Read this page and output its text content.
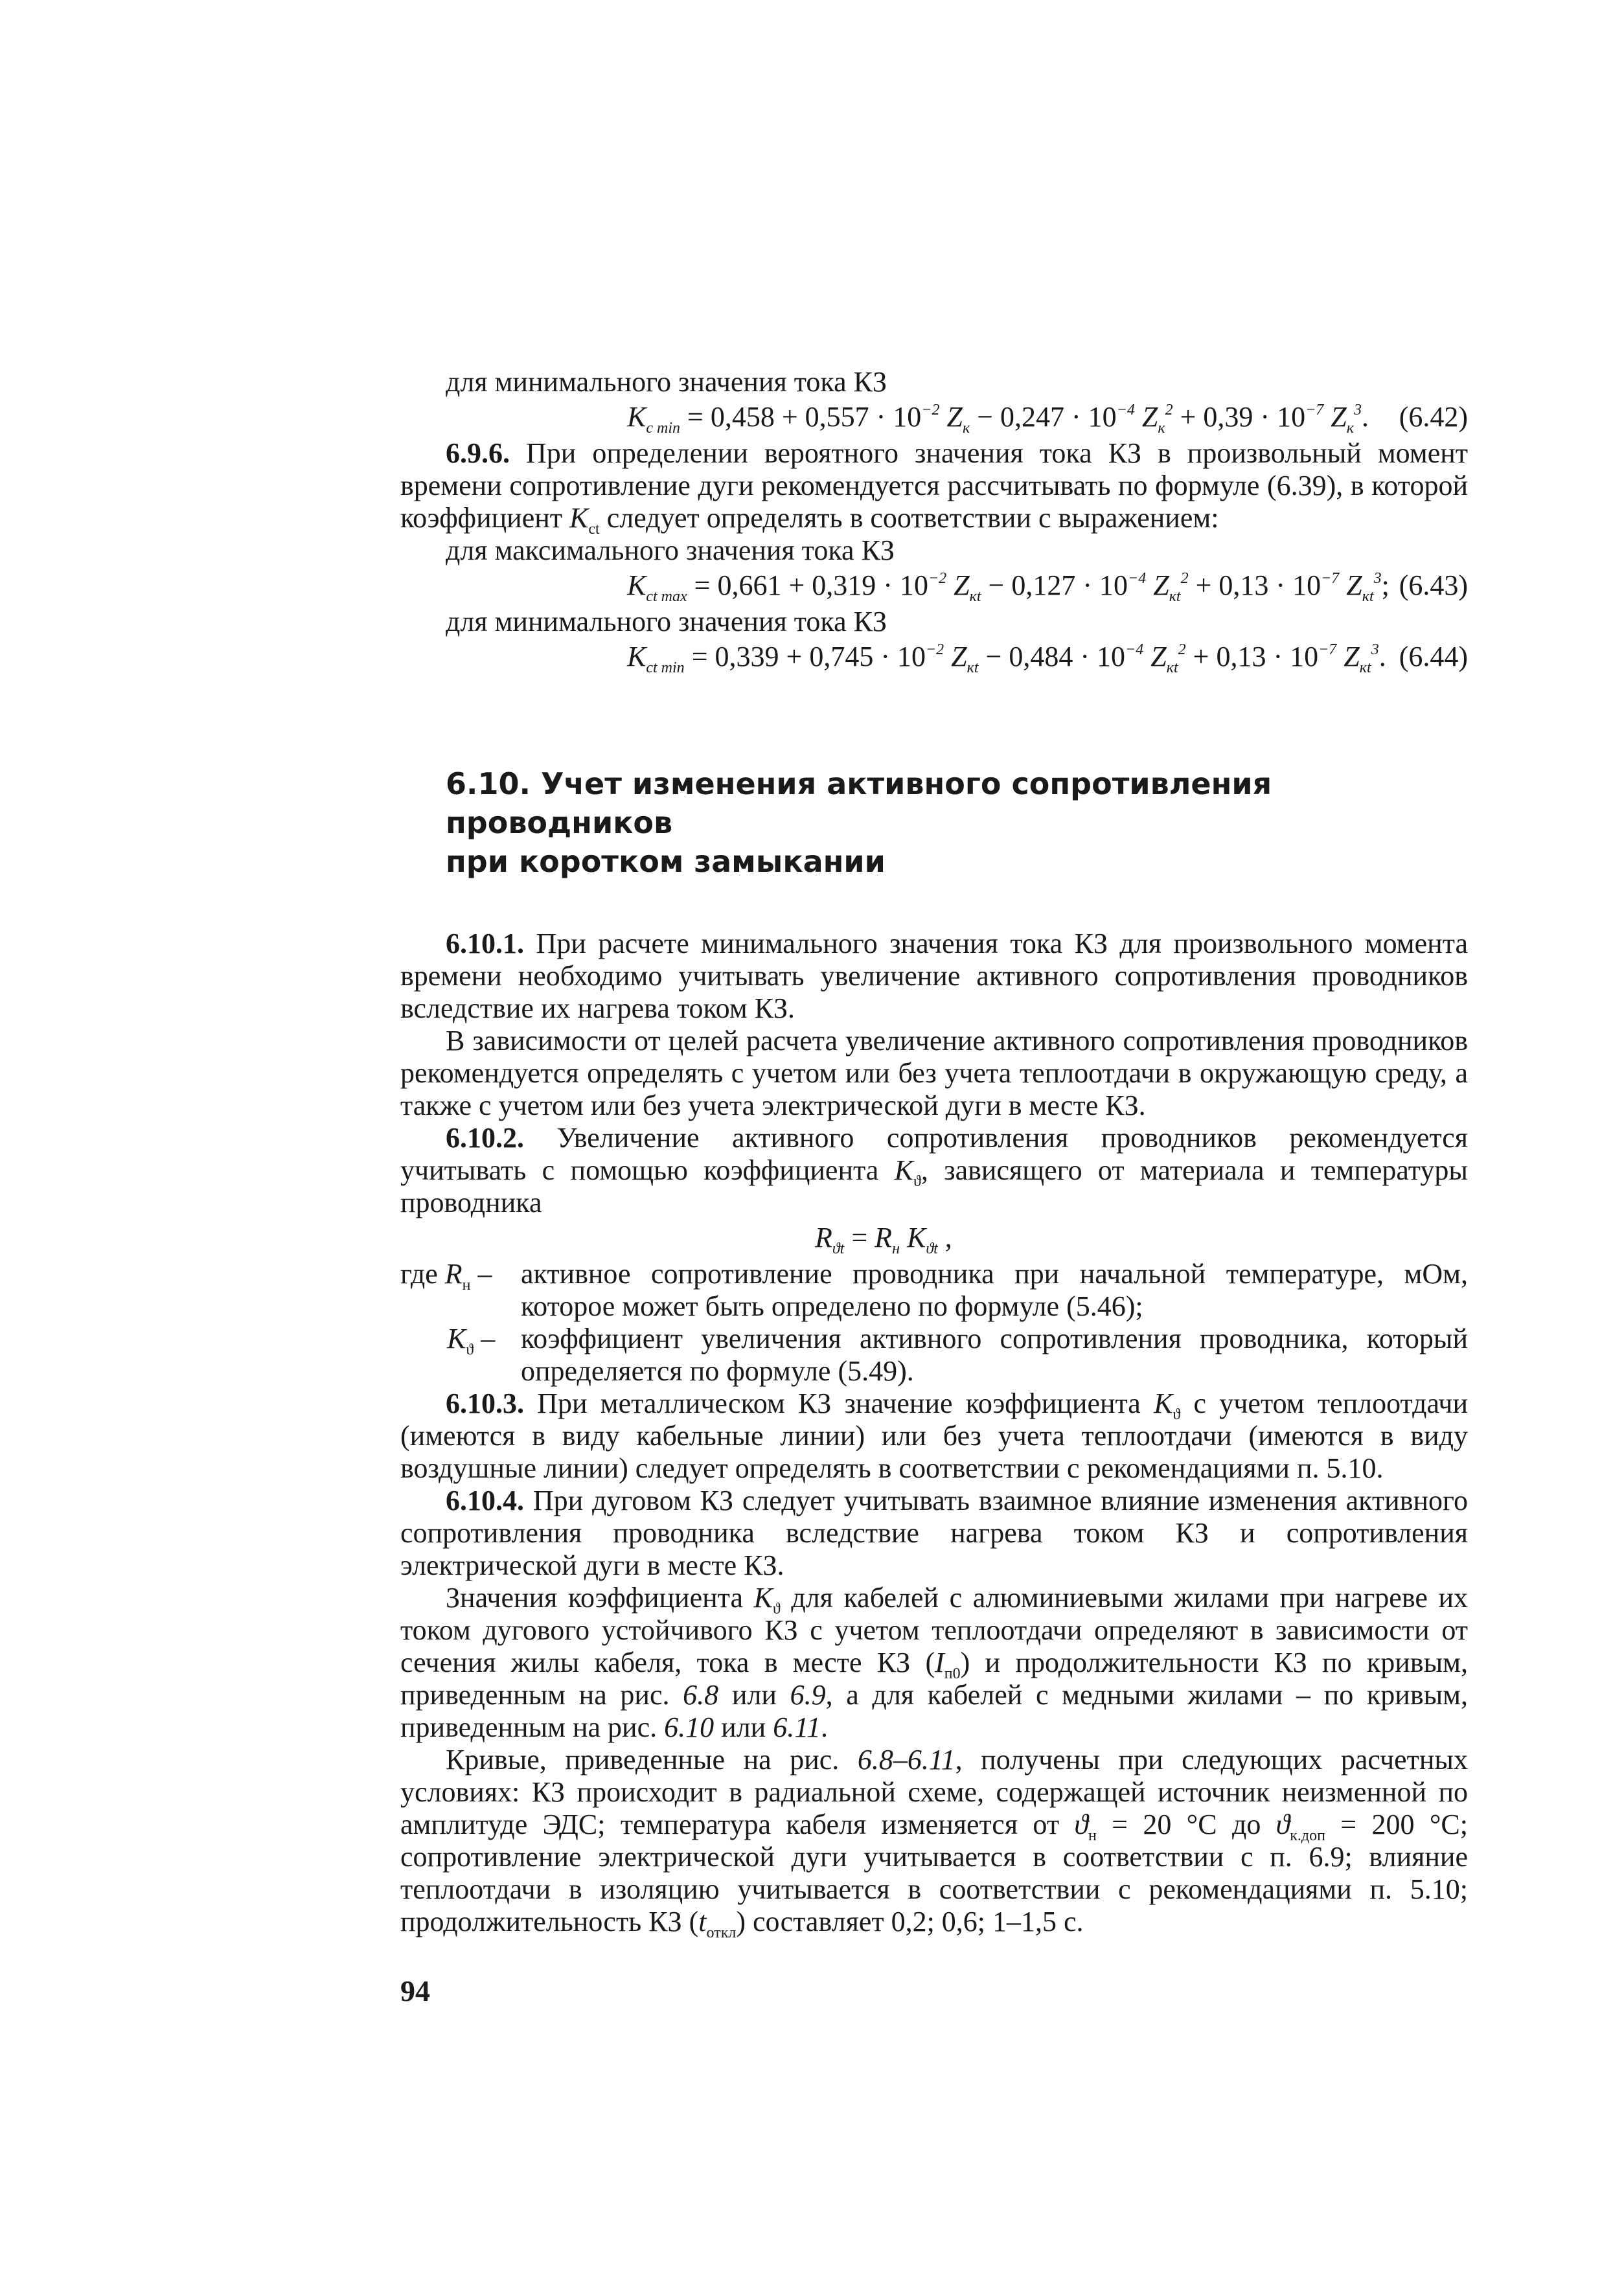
для минимального значения тока КЗ

$K_{c min} = 0,458 + 0,557 \cdot 10^{-2}$ $Z_к - 0,247 \cdot 10^{-4}$ $Z_к^2 + 0,39 \cdot 10^{-7}$ $Z_к^3$. (6.42)

6.9.6. При определении вероятного значения тока КЗ в произвольный момент времени сопротивление дуги рекомендуется рассчитывать по формуле (6.39), в которой коэффициент $K_{ct}$ следует определять в соответствии с выражением:

для максимального значения тока КЗ

$K_{ct max} = 0,661 + 0,319 \cdot 10^{-2}$ $Z_{кt} - 0,127 \cdot 10^{-4}$ $Z_{кt}^2 + 0,13 \cdot 10^{-7}$ $Z_{кt}^3$; (6.43)

для минимального значения тока КЗ

$K_{ct min} = 0,339 + 0,745 \cdot 10^{-2}$ $Z_{кt} - 0,484 \cdot 10^{-4}$ $Z_{кt}^2 + 0,13 \cdot 10^{-7}$ $Z_{кt}^3$. (6.44)
6.10. Учет изменения активного сопротивления проводников
при коротком замыкании

6.10.1. При расчете минимального значения тока КЗ для произвольного момента времени необходимо учитывать увеличение активного сопротивления проводников вследствие их нагрева током КЗ.

В зависимости от целей расчета увеличение активного сопротивления проводников рекомендуется определять с учетом или без учета теплоотдачи в окружающую среду, а также с учетом или без учета электрической дуги в месте КЗ.

6.10.2. Увеличение активного сопротивления проводников рекомендуется учитывать с помощью коэффициента $K_ϑ$, зависящего от материала и температуры проводника

$R_{ϑt} = R_н$ $K_{ϑt}$ ,
где $R_н$ – активное сопротивление проводника при начальной температуре, мОм, которое может быть определено по формуле (5.46);
$K_ϑ$ – коэффициент увеличения активного сопротивления проводника, который определяется по формуле (5.49).

6.10.3. При металлическом КЗ значение коэффициента $K_ϑ$ с учетом теплоотдачи (имеются в виду кабельные линии) или без учета теплоотдачи (имеются в виду воздушные линии) следует определять в соответствии с рекомендациями п. 5.10.

6.10.4. При дуговом КЗ следует учитывать взаимное влияние изменения активного сопротивления проводника вследствие нагрева током КЗ и сопротивления электрической дуги в месте КЗ.

Значения коэффициента $K_ϑ$ для кабелей с алюминиевыми жилами при нагреве их током дугового устойчивого КЗ с учетом теплоотдачи определяют в зависимости от сечения жилы кабеля, тока в месте КЗ $(I_{п0})$ и продолжительности КЗ по кривым, приведенным на рис. 6.8 или 6.9, а для кабелей с медными жилами – по кривым, приведенным на рис. 6.10 или 6.11.

Кривые, приведенные на рис. 6.8–6.11, получены при следующих расчетных условиях: КЗ происходит в радиальной схеме, содержащей источник неизменной по амплитуде ЭДС; температура кабеля изменяется от $ϑ_н = 20$ °С до $ϑ_{к.доп} = 200$ °С; сопротивление электрической дуги учитывается в соответствии с п. 6.9; влияние теплоотдачи в изоляцию учитывается в соответствии с рекомендациями п. 5.10; продолжительность КЗ $(t_{откл})$ составляет 0,2; 0,6; 1–1,5 с.

94
